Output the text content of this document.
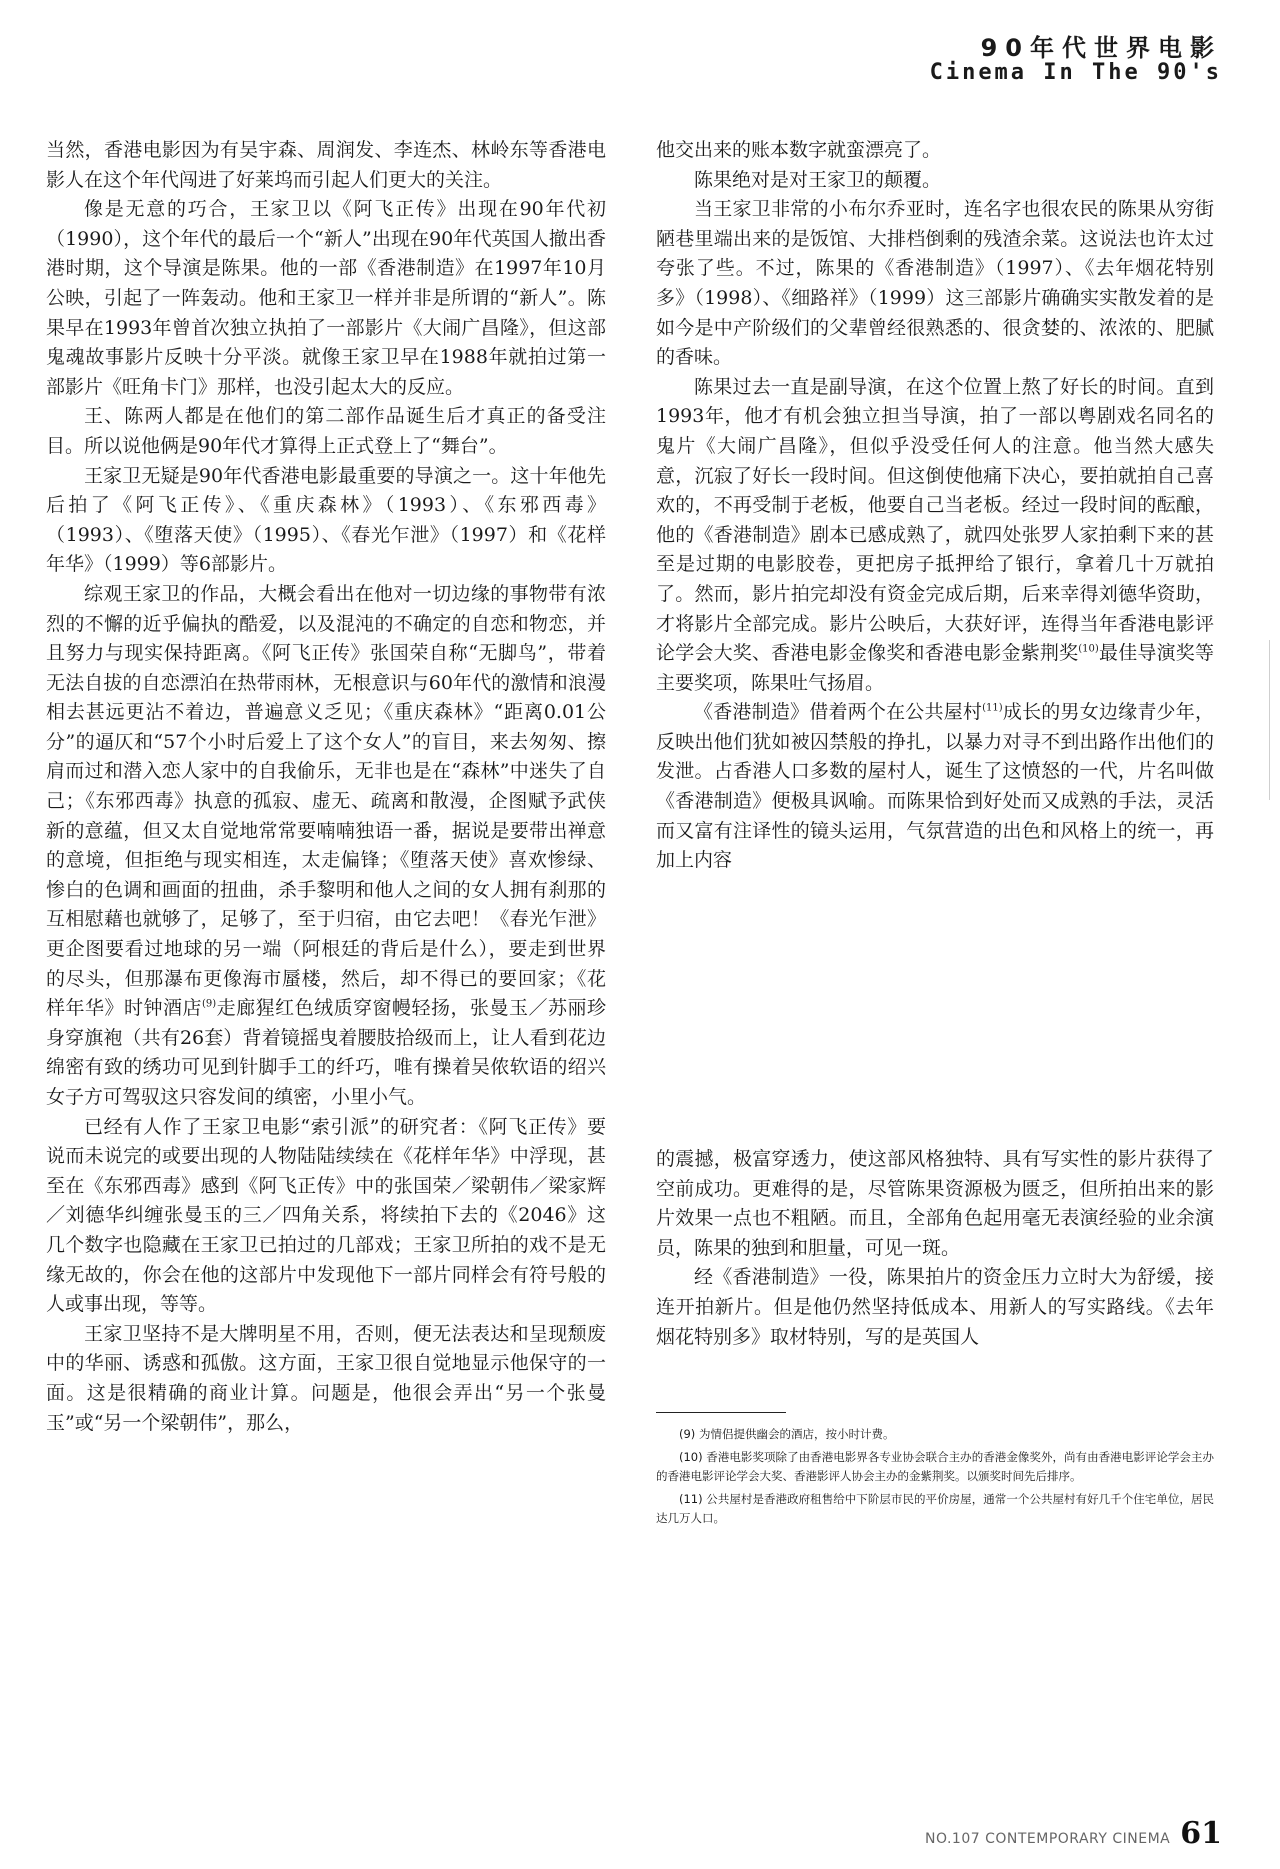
90年代世界电影
Cinema In The 90's

当然，香港电影因为有吴宇森、周润发、李连杰、林岭东等香港电影人在这个年代闯进了好莱坞而引起人们更大的关注。

像是无意的巧合，王家卫以《阿飞正传》出现在90年代初（1990），这个年代的最后一个“新人”出现在90年代英国人撤出香港时期，这个导演是陈果。他的一部《香港制造》在1997年10月公映，引起了一阵轰动。他和王家卫一样并非是所谓的“新人”。陈果早在1993年曾首次独立执拍了一部影片《大闹广昌隆》，但这部鬼魂故事影片反映十分平淡。就像王家卫早在1988年就拍过第一部影片《旺角卡门》那样，也没引起太大的反应。

王、陈两人都是在他们的第二部作品诞生后才真正的备受注目。所以说他俩是90年代才算得上正式登上了“舞台”。

王家卫无疑是90年代香港电影最重要的导演之一。这十年他先后拍了《阿飞正传》、《重庆森林》（1993）、《东邪西毒》（1993）、《堕落天使》（1995）、《春光乍泄》（1997）和《花样年华》（1999）等6部影片。

综观王家卫的作品，大概会看出在他对一切边缘的事物带有浓烈的不懈的近乎偏执的酷爱，以及混沌的不确定的自恋和物恋，并且努力与现实保持距离。《阿飞正传》张国荣自称“无脚鸟”，带着无法自拔的自恋漂泊在热带雨林，无根意识与60年代的激情和浪漫相去甚远更沾不着边，普遍意义乏见；《重庆森林》“距离0.01公分”的逼仄和“57个小时后爱上了这个女人”的盲目，来去匆匆、擦肩而过和潜入恋人家中的自我偷乐，无非也是在“森林”中迷失了自己；《东邪西毒》执意的孤寂、虚无、疏离和散漫，企图赋予武侠新的意蕴，但又太自觉地常常要喃喃独语一番，据说是要带出禅意的意境，但拒绝与现实相连，太走偏锋；《堕落天使》喜欢惨绿、惨白的色调和画面的扭曲，杀手黎明和他人之间的女人拥有刹那的互相慰藉也就够了，足够了，至于归宿，由它去吧！《春光乍泄》更企图要看过地球的另一端（阿根廷的背后是什么），要走到世界的尽头，但那瀑布更像海市蜃楼，然后，却不得已的要回家；《花样年华》时钟酒店$^{(9)}$走廊猩红色绒质穿窗幔轻扬，张曼玉／苏丽珍身穿旗袍（共有26套）背着镜摇曳着腰肢拾级而上，让人看到花边绵密有致的绣功可见到针脚手工的纤巧，唯有操着吴侬软语的绍兴女子方可驾驭这只容发间的缜密，小里小气。

已经有人作了王家卫电影“索引派”的研究者：《阿飞正传》要说而未说完的或要出现的人物陆陆续续在《花样年华》中浮现，甚至在《东邪西毒》感到《阿飞正传》中的张国荣／梁朝伟／梁家辉／刘德华纠缠张曼玉的三／四角关系，将续拍下去的《2046》这几个数字也隐藏在王家卫已拍过的几部戏；王家卫所拍的戏不是无缘无故的，你会在他的这部片中发现他下一部片同样会有符号般的人或事出现，等等。

王家卫坚持不是大牌明星不用，否则，便无法表达和呈现颓废中的华丽、诱惑和孤傲。这方面，王家卫很自觉地显示他保守的一面。这是很精确的商业计算。问题是，他很会弄出“另一个张曼玉”或“另一个梁朝伟”，那么，

他交出来的账本数字就蛮漂亮了。

陈果绝对是对王家卫的颠覆。

当王家卫非常的小布尔乔亚时，连名字也很农民的陈果从穷街陋巷里端出来的是饭馆、大排档倒剩的残渣余菜。这说法也许太过夸张了些。不过，陈果的《香港制造》（1997）、《去年烟花特别多》（1998）、《细路祥》（1999）这三部影片确确实实散发着的是如今是中产阶级们的父辈曾经很熟悉的、很贪婪的、浓浓的、肥腻的香味。

陈果过去一直是副导演，在这个位置上熬了好长的时间。直到1993年，他才有机会独立担当导演，拍了一部以粤剧戏名同名的鬼片《大闹广昌隆》，但似乎没受任何人的注意。他当然大感失意，沉寂了好长一段时间。但这倒使他痛下决心，要拍就拍自己喜欢的，不再受制于老板，他要自己当老板。经过一段时间的酝酿，他的《香港制造》剧本已感成熟了，就四处张罗人家拍剩下来的甚至是过期的电影胶卷，更把房子抵押给了银行，拿着几十万就拍了。然而，影片拍完却没有资金完成后期，后来幸得刘德华资助，才将影片全部完成。影片公映后，大获好评，连得当年香港电影评论学会大奖、香港电影金像奖和香港电影金紫荆奖$^{(10)}$最佳导演奖等主要奖项，陈果吐气扬眉。

《香港制造》借着两个在公共屋村$^{(11)}$成长的男女边缘青少年，反映出他们犹如被囚禁般的挣扎，以暴力对寻不到出路作出他们的发泄。占香港人口多数的屋村人，诞生了这愤怒的一代，片名叫做《香港制造》便极具讽喻。而陈果恰到好处而又成熟的手法，灵活而又富有注译性的镜头运用，气氛营造的出色和风格上的统一，再加上内容

的震撼，极富穿透力，使这部风格独特、具有写实性的影片获得了空前成功。更难得的是，尽管陈果资源极为匮乏，但所拍出来的影片效果一点也不粗陋。而且，全部角色起用毫无表演经验的业余演员，陈果的独到和胆量，可见一斑。

经《香港制造》一役，陈果拍片的资金压力立时大为舒缓，接连开拍新片。但是他仍然坚持低成本、用新人的写实路线。《去年烟花特别多》取材特别，写的是英国人

(9) 为情侣提供幽会的酒店，按小时计费。

(10) 香港电影奖项除了由香港电影界各专业协会联合主办的香港金像奖外，尚有由香港电影评论学会主办的香港电影评论学会大奖、香港影评人协会主办的金紫荆奖。以颁奖时间先后排序。

(11) 公共屋村是香港政府租售给中下阶层市民的平价房屋，通常一个公共屋村有好几千个住宅单位，居民达几万人口。

NO.107 CONTEMPORARY CINEMA 61
